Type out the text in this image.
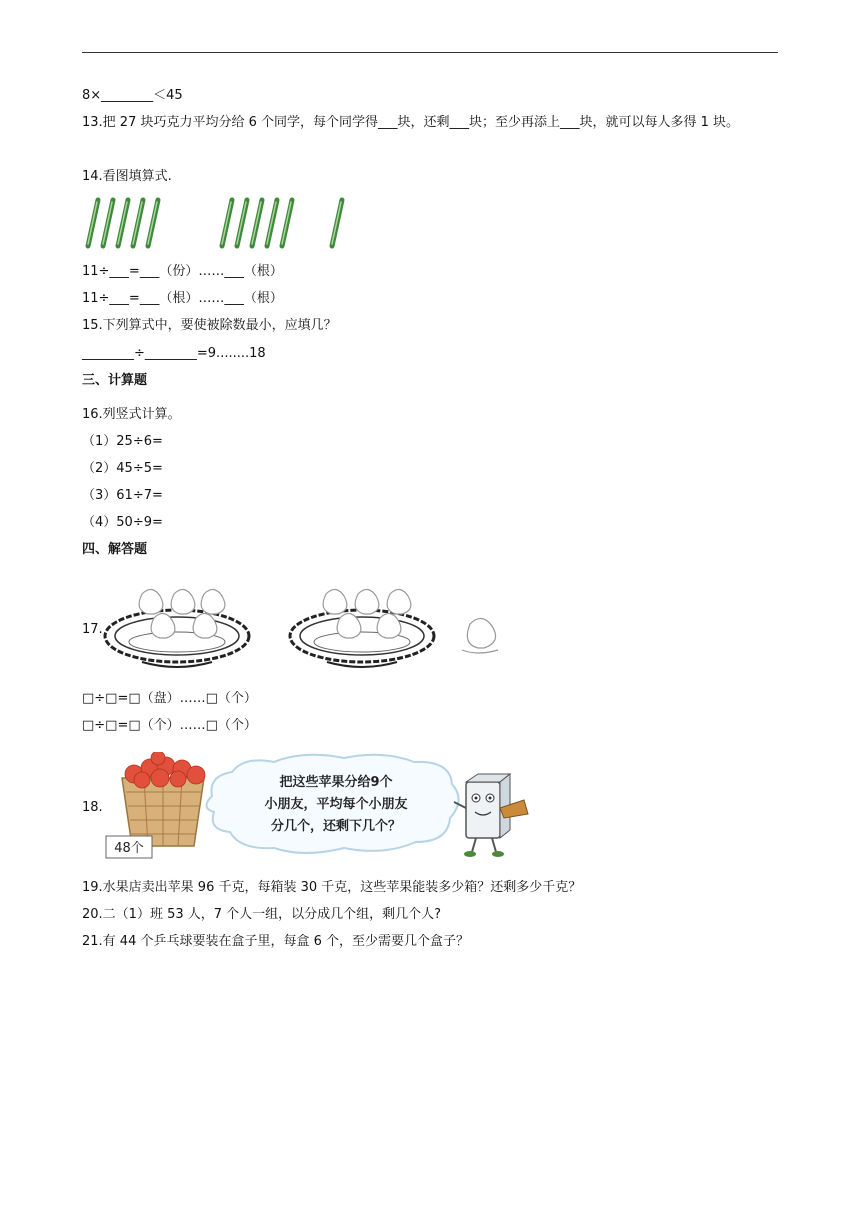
8×________＜45
13.把 27 块巧克力平均分给 6 个同学，每个同学得___块，还剩___块；至少再添上___块，就可以每人多得 1 块。
14.看图填算式.
11÷___=___（份）……___（根）
11÷___=___（根）……___（根）
15.下列算式中，要使被除数最小，应填几？
________÷________=9........18
三、计算题
16.列竖式计算。
（1）25÷6=
（2）45÷5=
（3）61÷7=
（4）50÷9=
四、解答题
17.
□÷□=□（盘）……□（个）
□÷□=□（个）……□（个）
18.
48个
把这些苹果分给9个
小朋友，平均每个小朋友
分几个，还剩下几个？
19.水果店卖出苹果 96 千克，每箱装 30 千克，这些苹果能装多少箱？还剩多少千克？
20.二（1）班 53 人，7 个人一组，以分成几个组，剩几个人?
21.有 44 个乒乓球要装在盒子里，每盒 6 个，至少需要几个盒子？
